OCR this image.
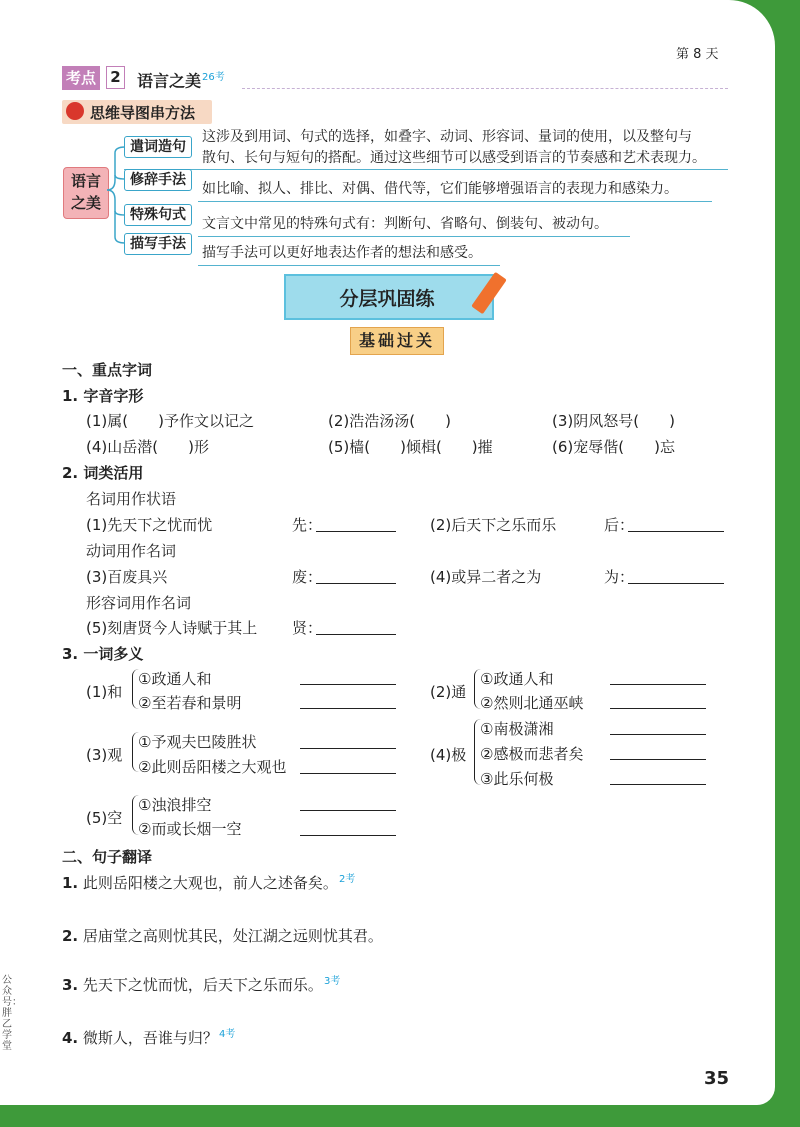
第 8 天
考点 2 语言之美$^{26考}$
思维导图串方法
语言之美
遣词造句
这涉及到用词、句式的选择，如叠字、动词、形容词、量词的使用，以及整句与
散句、长句与短句的搭配。通过这些细节可以感受到语言的节奏感和艺术表现力。
修辞手法
如比喻、拟人、排比、对偶、借代等，它们能够增强语言的表现力和感染力。
特殊句式
文言文中常见的特殊句式有：判断句、省略句、倒装句、被动句。
描写手法
描写手法可以更好地表达作者的想法和感受。
分层巩固练
基础过关
一、重点字词
1. 字音字形
(1)属(　　)予作文以记之	(2)浩浩汤汤(　　)	(3)阴风怒号(　　)
(4)山岳潜(　　)形	(5)樯(　　)倾楫(　　)摧	(6)宠辱偕(　　)忘
2. 词类活用
名词用作状语
(1)先天下之忧而忧	先：	(2)后天下之乐而乐	后：
动词用作名词
(3)百废具兴	废：	(4)或异二者之为	为：
形容词用作名词
(5)刻唐贤今人诗赋于其上 贤：
3. 一词多义
(1)和
①政通人和
②至若春和景明
(2)通
①政通人和
②然则北通巫峡
(3)观
①予观夫巴陵胜状
②此则岳阳楼之大观也
(4)极
①南极潇湘
②感极而悲者矣
③此乐何极
(5)空
①浊浪排空
②而或长烟一空
二、句子翻译
1. 此则岳阳楼之大观也，前人之述备矣。$^{2考}$
2. 居庙堂之高则忧其民，处江湖之远则忧其君。
3. 先天下之忧而忧，后天下之乐而乐。$^{3考}$
4. 微斯人，吾谁与归？$^{4考}$
公众号：胖乙学堂
35
